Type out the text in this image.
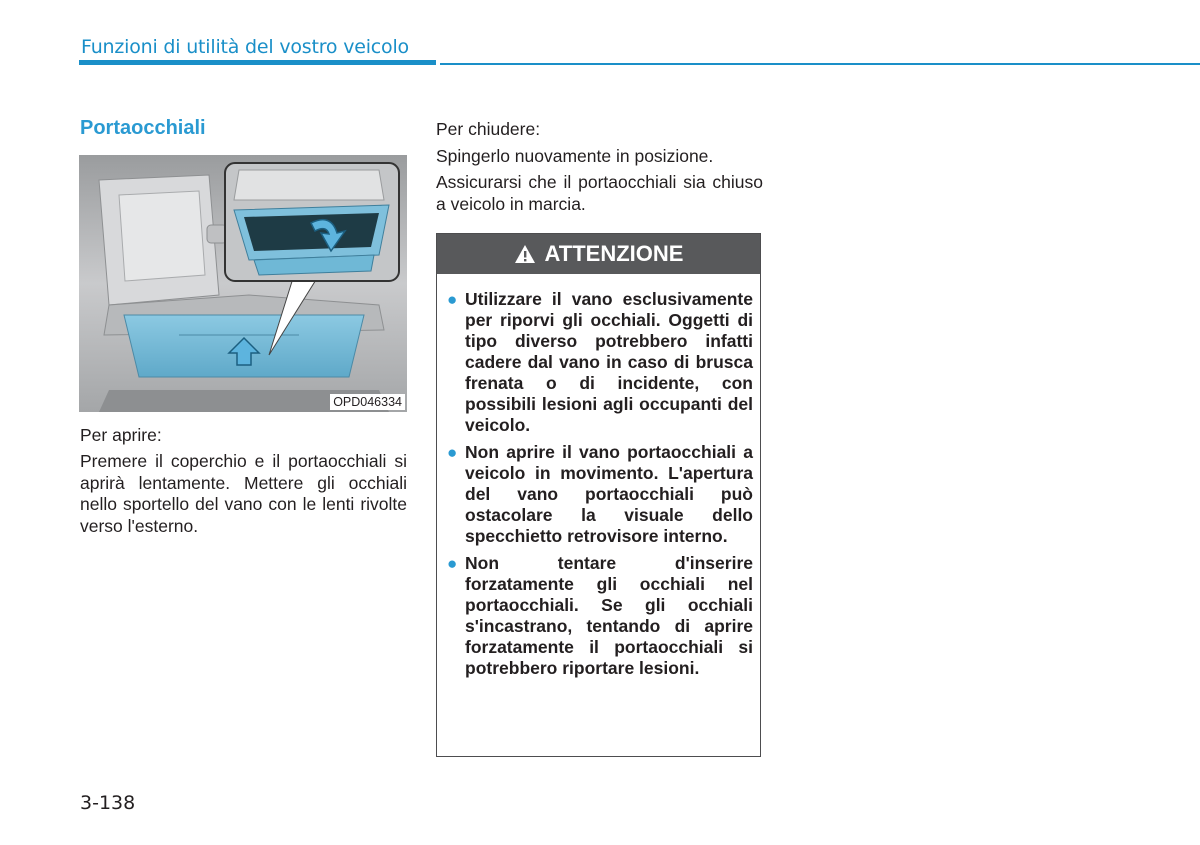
Funzioni di utilità del vostro veicolo
Portaocchiali
OPD046334

Per aprire:

Premere il coperchio e il portaocchiali si aprirà lentamente. Mettere gli occhiali nello sportello del vano con le lenti rivolte verso l'esterno.

Per chiudere:

Spingerlo nuovamente in posizione.

Assicurarsi che il portaocchiali sia chiuso a veicolo in marcia.

ATTENZIONE
● Utilizzare il vano esclusivamente per riporvi gli occhiali. Oggetti di tipo diverso potrebbero infatti cadere dal vano in caso di brusca frenata o di incidente, con possibili lesioni agli occupanti del veicolo.
● Non aprire il vano portaocchiali a veicolo in movimento. L'apertura del vano portaocchiali può ostacolare la visuale dello specchietto retrovisore interno.
● Non tentare d'inserire forzatamente gli occhiali nel portaocchiali. Se gli occhiali s'incastrano, tentando di aprire forzatamente il portaocchiali si potrebbero riportare lesioni.
3-138
